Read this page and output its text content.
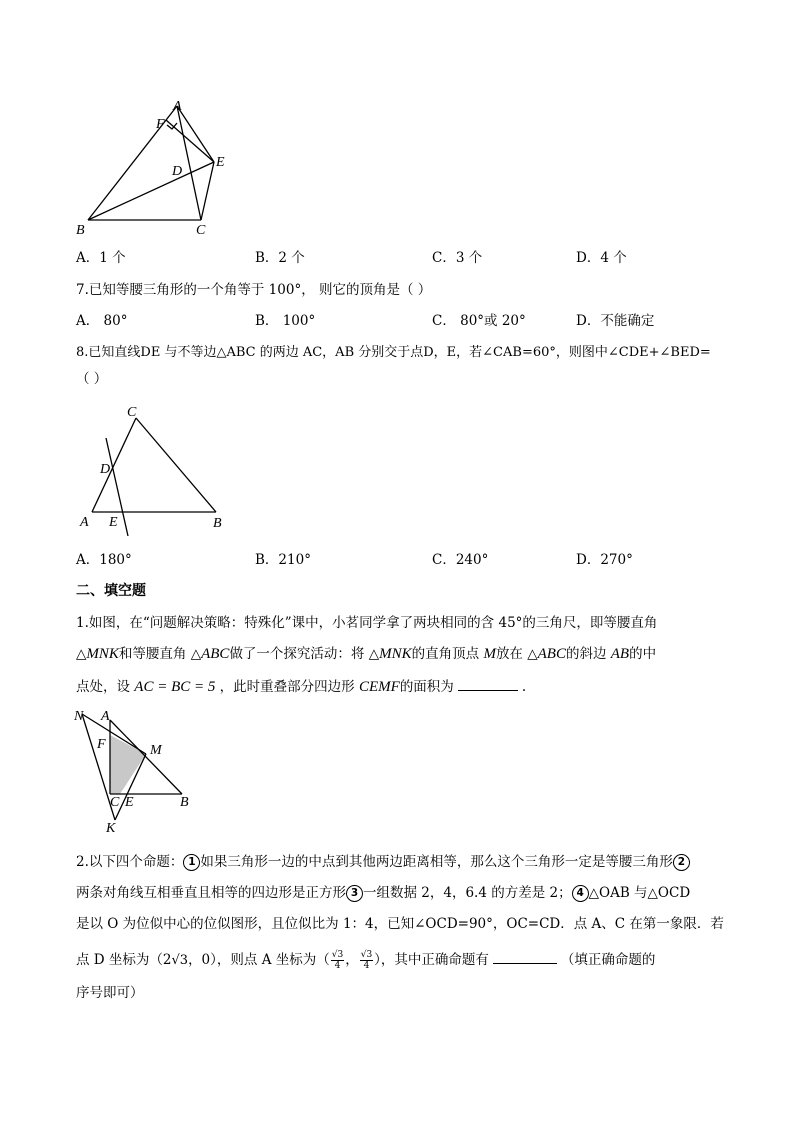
A
F
E
D
B	C
A．1 个	B．2 个	C．3 个	D．4 个
7.已知等腰三角形的一个角等于 100°， 则它的顶角是（ ）
A． 80°	B． 100°	C． 80°或 20°	D．不能确定
8.已知直线DE 与不等边△ABC 的两边 AC，AB 分别交于点D，E，若∠CAB=60°，则图中∠CDE+∠BED=
（ ）
C
D
A E	B
A．180°	B．210°	C．240°	D．270°
二、填空题
1.如图，在“问题解决策略：特殊化”课中，小茗同学拿了两块相同的含 45°的三角尺，即等腰直角
△MNK和等腰直角 △ABC做了一个探究活动：将 △MNK的直角顶点 M放在 △ABC的斜边 AB的中
点处，设 AC = BC = 5 ，此时重叠部分四边形 CEMF的面积为	.
N A
F	M
C E	B
K
2.以下四个命题： 1 如果三角形一边的中点到其他两边距离相等，那么这个三角形一定是等腰三角形 2
两条对角线互相垂直且相等的四边形是正方形 3 一组数据 2，4，6.4 的方差是 2； 4 △OAB 与△OCD
是以 O 为位似中心的位似图形，且位似比为 1：4，已知∠OCD=90°，OC=CD．点 A、C 在第一象限．若
点 D 坐标为（2√3，0），则点 A 坐标为（ $\frac{√3}{4}$ ， $\frac{√3}{4}$ ），其中正确命题有	（填正确命题的
序号即可）
